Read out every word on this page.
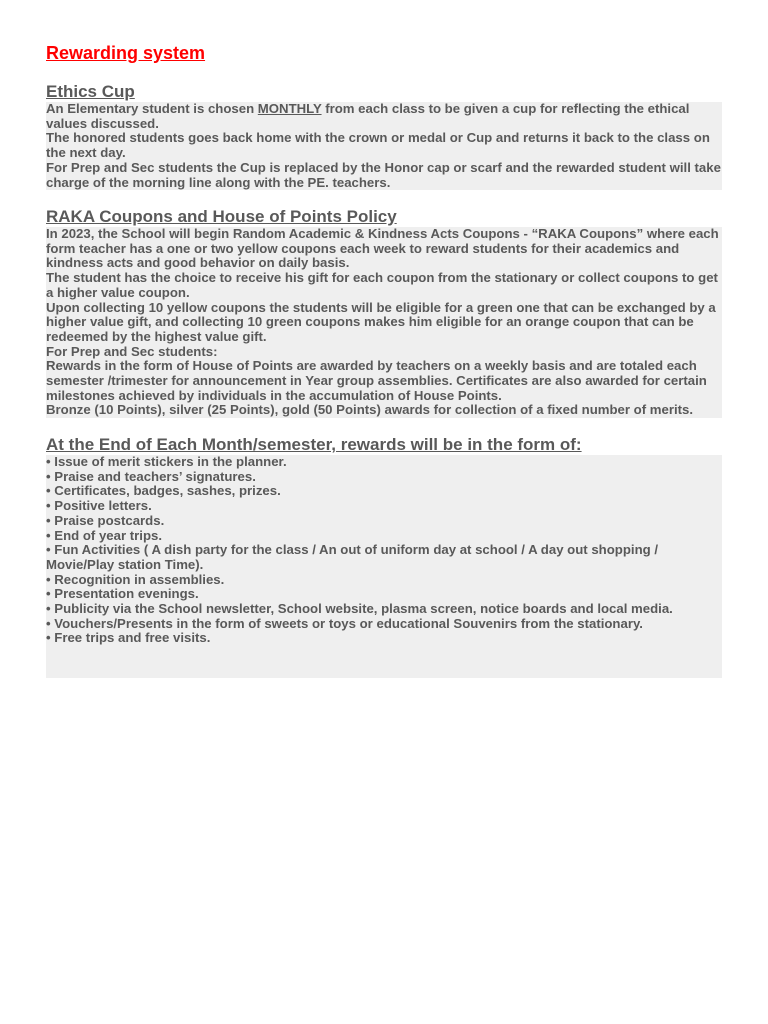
Rewarding system
Ethics Cup

An Elementary student is chosen MONTHLY from each class to be given a cup for reflecting the ethical values discussed.

The honored students goes back home with the crown or medal or Cup and returns it back to the class on the next day.

For Prep and Sec students the Cup is replaced by the Honor cap or scarf and the rewarded student will take charge of the morning line along with the PE. teachers.

RAKA Coupons and House of Points Policy

In 2023, the School will begin Random Academic & Kindness Acts Coupons - “RAKA Coupons” where each form teacher has a one or two yellow coupons each week to reward students for their academics and kindness acts and good behavior on daily basis.

The student has the choice to receive his gift for each coupon from the stationary or collect coupons to get a higher value coupon.

Upon collecting 10 yellow coupons the students will be eligible for a green one that can be exchanged by a higher value gift, and collecting 10 green coupons makes him eligible for an orange coupon that can be redeemed by the highest value gift.

For Prep and Sec students:

Rewards in the form of House of Points are awarded by teachers on a weekly basis and are totaled each semester /trimester for announcement in Year group assemblies. Certificates are also awarded for certain milestones achieved by individuals in the accumulation of House Points.

Bronze (10 Points), silver (25 Points), gold (50 Points) awards for collection of a fixed number of merits.

At the End of Each Month/semester, rewards will be in the form of:

• Issue of merit stickers in the planner.

• Praise and teachers’ signatures.

• Certificates, badges, sashes, prizes.

• Positive letters.

• Praise postcards.

• End of year trips.

• Fun Activities ( A dish party for the class / An out of uniform day at school / A day out shopping / Movie/Play station Time).

• Recognition in assemblies.

• Presentation evenings.

• Publicity via the School newsletter, School website, plasma screen, notice boards and local media.

• Vouchers/Presents in the form of sweets or toys or educational Souvenirs from the stationary.

• Free trips and free visits.
